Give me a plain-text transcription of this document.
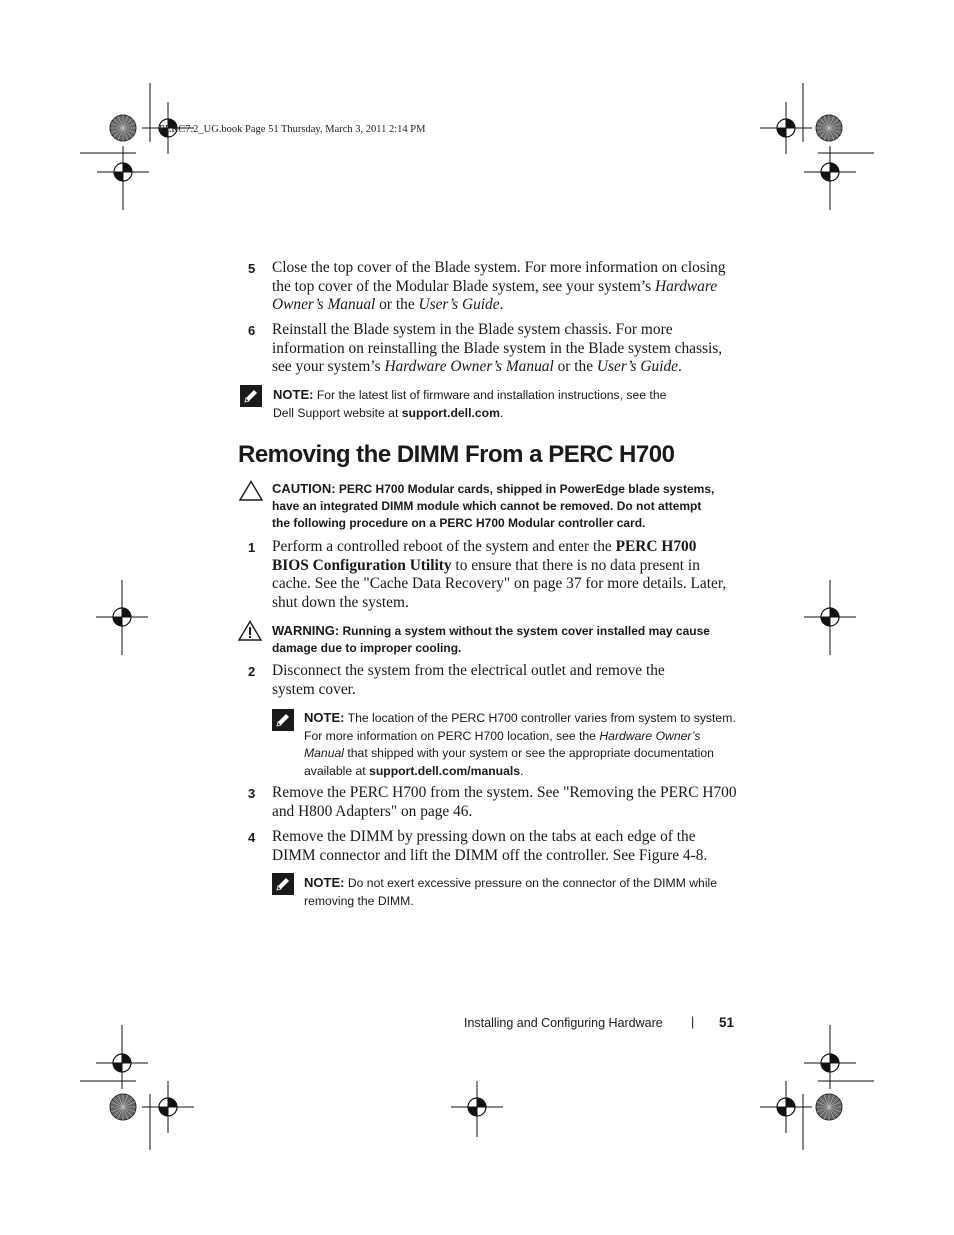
PERC7.2_UG.book Page 51 Thursday, March 3, 2011 2:14 PM
5	Close the top cover of the Blade system. For more information on closing
the top cover of the Modular Blade system, see your system’s Hardware
Owner’s Manual or the User’s Guide.
6	Reinstall the Blade system in the Blade system chassis. For more
information on reinstalling the Blade system in the Blade system chassis,
see your system’s Hardware Owner’s Manual or the User’s Guide.
NOTE: For the latest list of firmware and installation instructions, see the
Dell Support website at support.dell.com.
Removing the DIMM From a PERC H700
CAUTION: PERC H700 Modular cards, shipped in PowerEdge blade systems,
have an integrated DIMM module which cannot be removed. Do not attempt
the following procedure on a PERC H700 Modular controller card.
1	Perform a controlled reboot of the system and enter the PERC H700
BIOS Configuration Utility to ensure that there is no data present in
cache. See the "Cache Data Recovery" on page 37 for more details. Later,
shut down the system.
WARNING: Running a system without the system cover installed may cause
damage due to improper cooling.
2	Disconnect the system from the electrical outlet and remove the
system cover.
NOTE: The location of the PERC H700 controller varies from system to system.
For more information on PERC H700 location, see the Hardware Owner’s
Manual that shipped with your system or see the appropriate documentation
available at support.dell.com/manuals.
3	Remove the PERC H700 from the system. See "Removing the PERC H700
and H800 Adapters" on page 46.
4	Remove the DIMM by pressing down on the tabs at each edge of the
DIMM connector and lift the DIMM off the controller. See Figure 4-8.
NOTE: Do not exert excessive pressure on the connector of the DIMM while
removing the DIMM.
Installing and Configuring Hardware | 51
